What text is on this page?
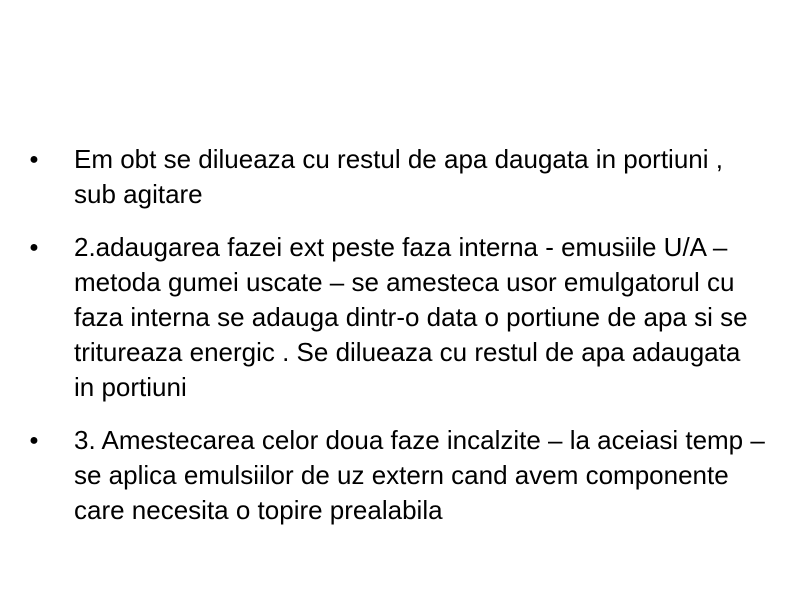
● Em obt se dilueaza cu restul de apa daugata in portiuni , sub agitare
● 2.adaugarea fazei ext peste faza interna - emusiile U/A – metoda gumei uscate – se amesteca usor emulgatorul cu faza interna se adauga dintr-o data o portiune de apa si se tritureaza energic . Se dilueaza cu restul de apa adaugata in portiuni
● 3. Amestecarea celor doua faze incalzite – la aceiasi temp – se aplica emulsiilor de uz extern cand avem componente care necesita o topire prealabila
